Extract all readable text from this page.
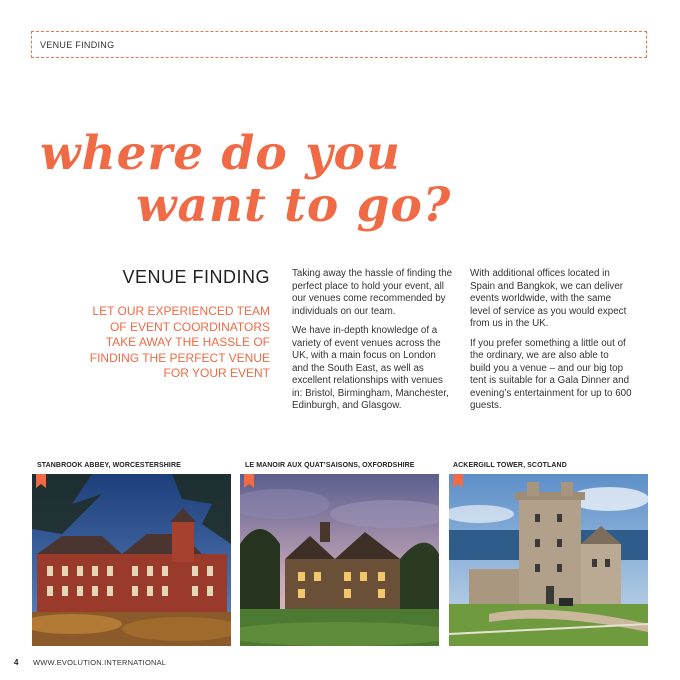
VENUE FINDING
where do you
want to go?
VENUE FINDING

LET OUR EXPERIENCED TEAM OF EVENT COORDINATORS TAKE AWAY THE HASSLE OF FINDING THE PERFECT VENUE FOR YOUR EVENT

Taking away the hassle of finding the perfect place to hold your event, all our venues come recommended by individuals on our team.

We have in-depth knowledge of a variety of event venues across the UK, with a main focus on London and the South East, as well as excellent relationships with venues in: Bristol, Birmingham, Manchester, Edinburgh, and Glasgow.

With additional offices located in Spain and Bangkok, we can deliver events worldwide, with the same level of service as you would expect from us in the UK.

If you prefer something a little out of the ordinary, we are also able to build you a venue – and our big top tent is suitable for a Gala Dinner and evening’s entertainment for up to 600 guests.

STANBROOK ABBEY, WORCESTERSHIRE	LE MANOIR AUX QUAT’SAISONS, OXFORDSHIRE	ACKERGILL TOWER, SCOTLAND
4 WWW.EVOLUTION.INTERNATIONAL
